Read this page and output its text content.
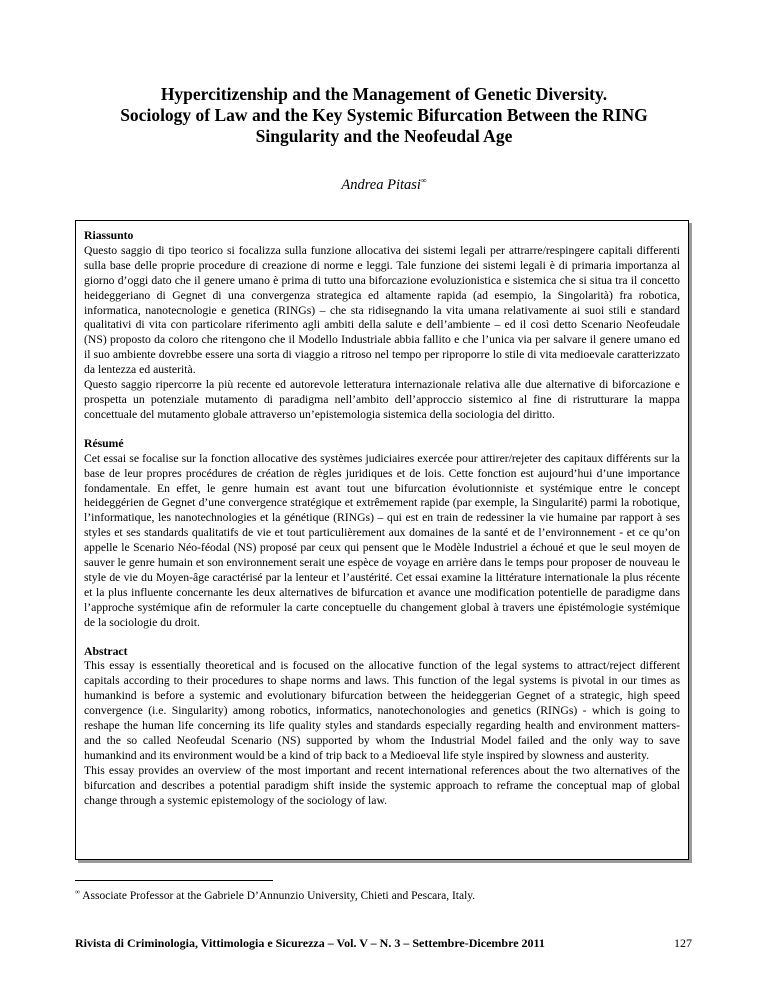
Hypercitizenship and the Management of Genetic Diversity.
Sociology of Law and the Key Systemic Bifurcation Between the RING
Singularity and the Neofeudal Age
Andrea Pitasi∞
Riassunto

Questo saggio di tipo teorico si focalizza sulla funzione allocativa dei sistemi legali per attrarre/respingere capitali differenti sulla base delle proprie procedure di creazione di norme e leggi. Tale funzione dei sistemi legali è di primaria importanza al giorno d’oggi dato che il genere umano è prima di tutto una biforcazione evoluzionistica e sistemica che si situa tra il concetto heideggeriano di Gegnet di una convergenza strategica ed altamente rapida (ad esempio, la Singolarità) fra robotica, informatica, nanotecnologie e genetica (RINGs) – che sta ridisegnando la vita umana relativamente ai suoi stili e standard qualitativi di vita con particolare riferimento agli ambiti della salute e dell’ambiente – ed il così detto Scenario Neofeudale (NS) proposto da coloro che ritengono che il Modello Industriale abbia fallito e che l’unica via per salvare il genere umano ed il suo ambiente dovrebbe essere una sorta di viaggio a ritroso nel tempo per riproporre lo stile di vita medioevale caratterizzato da lentezza ed austerità.

Questo saggio ripercorre la più recente ed autorevole letteratura internazionale relativa alle due alternative di biforcazione e prospetta un potenziale mutamento di paradigma nell’ambito dell’approccio sistemico al fine di ristrutturare la mappa concettuale del mutamento globale attraverso un’epistemologia sistemica della sociologia del diritto.

Résumé

Cet essai se focalise sur la fonction allocative des systèmes judiciaires exercée pour attirer/rejeter des capitaux différents sur la base de leur propres procédures de création de règles juridiques et de lois. Cette fonction est aujourd’hui d’une importance fondamentale. En effet, le genre humain est avant tout une bifurcation évolutionniste et systémique entre le concept heideggérien de Gegnet d’une convergence stratégique et extrêmement rapide (par exemple, la Singularité) parmi la robotique, l’informatique, les nanotechnologies et la génétique (RINGs) – qui est en train de redessiner la vie humaine par rapport à ses styles et ses standards qualitatifs de vie et tout particulièrement aux domaines de la santé et de l’environnement - et ce qu’on appelle le Scenario Néo-féodal (NS) proposé par ceux qui pensent que le Modèle Industriel a échoué et que le seul moyen de sauver le genre humain et son environnement serait une espèce de voyage en arrière dans le temps pour proposer de nouveau le style de vie du Moyen-âge caractérisé par la lenteur et l’austérité. Cet essai examine la littérature internationale la plus récente et la plus influente concernante les deux alternatives de bifurcation et avance une modification potentielle de paradigme dans l’approche systémique afin de reformuler la carte conceptuelle du changement global à travers une épistémologie systémique de la sociologie du droit.

Abstract

This essay is essentially theoretical and is focused on the allocative function of the legal systems to attract/reject different capitals according to their procedures to shape norms and laws. This function of the legal systems is pivotal in our times as humankind is before a systemic and evolutionary bifurcation between the heideggerian Gegnet of a strategic, high speed convergence (i.e. Singularity) among robotics, informatics, nanotechonologies and genetics (RINGs) - which is going to reshape the human life concerning its life quality styles and standards especially regarding health and environment matters- and the so called Neofeudal Scenario (NS) supported by whom the Industrial Model failed and the only way to save humankind and its environment would be a kind of trip back to a Medioeval life style inspired by slowness and austerity.

This essay provides an overview of the most important and recent international references about the two alternatives of the bifurcation and describes a potential paradigm shift inside the systemic approach to reframe the conceptual map of global change through a systemic epistemology of the sociology of law.

∞ Associate Professor at the Gabriele D’Annunzio University, Chieti and Pescara, Italy.
Rivista di Criminologia, Vittimologia e Sicurezza – Vol. V – N. 3 – Settembre-Dicembre 2011	127
